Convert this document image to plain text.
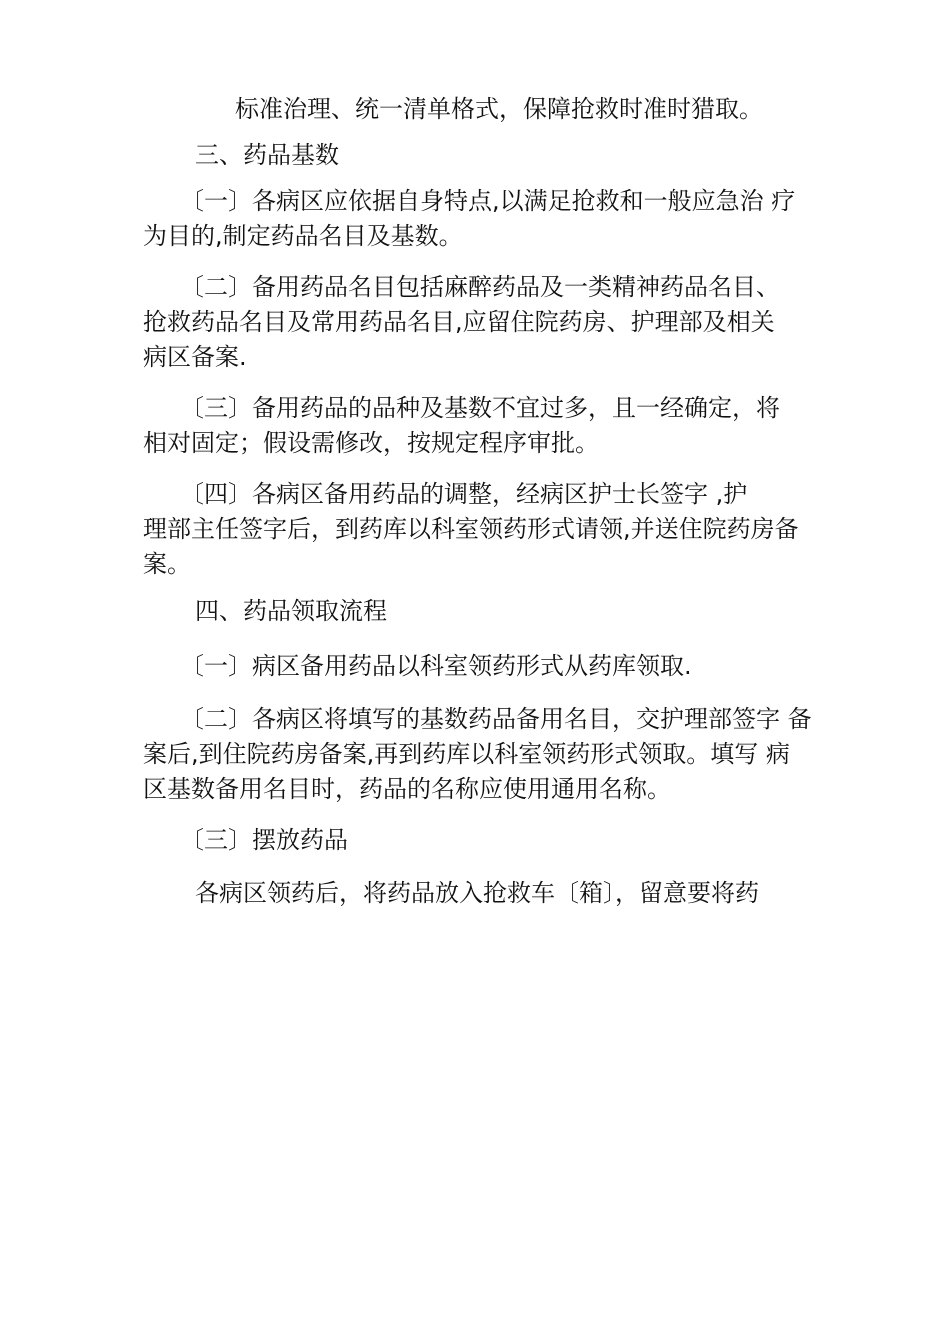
标准治理、统一清单格式，保障抢救时准时猎取。
三、药品基数
〔一〕各病区应依据自身特点,以满足抢救和一般应急治 疗
为目的,制定药品名目及基数。
〔二〕备用药品名目包括麻醉药品及一类精神药品名目、
抢救药品名目及常用药品名目,应留住院药房、护理部及相关
病区备案.
〔三〕备用药品的品种及基数不宜过多，且一经确定，将
相对固定；假设需修改，按规定程序审批。
〔四〕各病区备用药品的调整，经病区护士长签字 ,护
理部主任签字后，到药库以科室领药形式请领,并送住院药房备
案。
四、药品领取流程
〔一〕病区备用药品以科室领药形式从药库领取.
〔二〕各病区将填写的基数药品备用名目，交护理部签字 备
案后,到住院药房备案,再到药库以科室领药形式领取。填写 病
区基数备用名目时，药品的名称应使用通用名称。
〔三〕摆放药品
各病区领药后，将药品放入抢救车〔箱〕，留意要将药
